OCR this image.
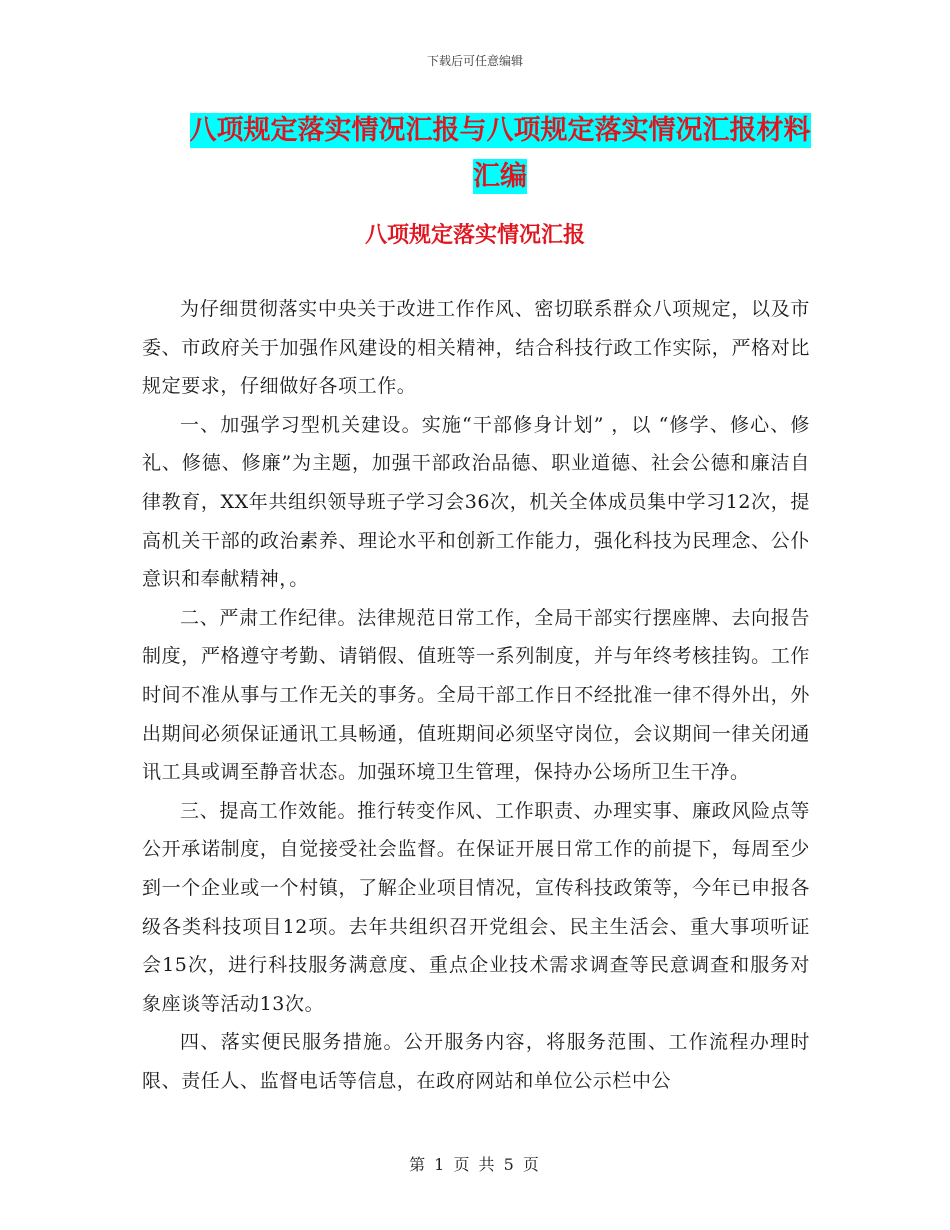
下载后可任意编辑
八项规定落实情况汇报与八项规定落实情况汇报材料
汇编
八项规定落实情况汇报

为仔细贯彻落实中央关于改进工作作风、密切联系群众八项规定，以及市委、市政府关于加强作风建设的相关精神，结合科技行政工作实际，严格对比规定要求，仔细做好各项工作。

一、加强学习型机关建设。实施“干部修身计划” ，以 “修学、修心、修礼、修德、修廉”为主题，加强干部政治品德、职业道德、社会公德和廉洁自律教育，XX年共组织领导班子学习会36次，机关全体成员集中学习12次，提高机关干部的政治素养、理论水平和创新工作能力，强化科技为民理念、公仆意识和奉献精神，。

二、严肃工作纪律。法律规范日常工作，全局干部实行摆座牌、去向报告制度，严格遵守考勤、请销假、值班等一系列制度，并与年终考核挂钩。工作时间不准从事与工作无关的事务。全局干部工作日不经批准一律不得外出，外出期间必须保证通讯工具畅通，值班期间必须坚守岗位，会议期间一律关闭通讯工具或调至静音状态。加强环境卫生管理，保持办公场所卫生干净。

三、提高工作效能。推行转变作风、工作职责、办理实事、廉政风险点等公开承诺制度，自觉接受社会监督。在保证开展日常工作的前提下，每周至少到一个企业或一个村镇，了解企业项目情况，宣传科技政策等，今年已申报各级各类科技项目12项。去年共组织召开党组会、民主生活会、重大事项听证会15次，进行科技服务满意度、重点企业技术需求调查等民意调查和服务对象座谈等活动13次。

四、落实便民服务措施。公开服务内容，将服务范围、工作流程办理时限、责任人、监督电话等信息，在政府网站和单位公示栏中公

第 1 页 共 5 页
